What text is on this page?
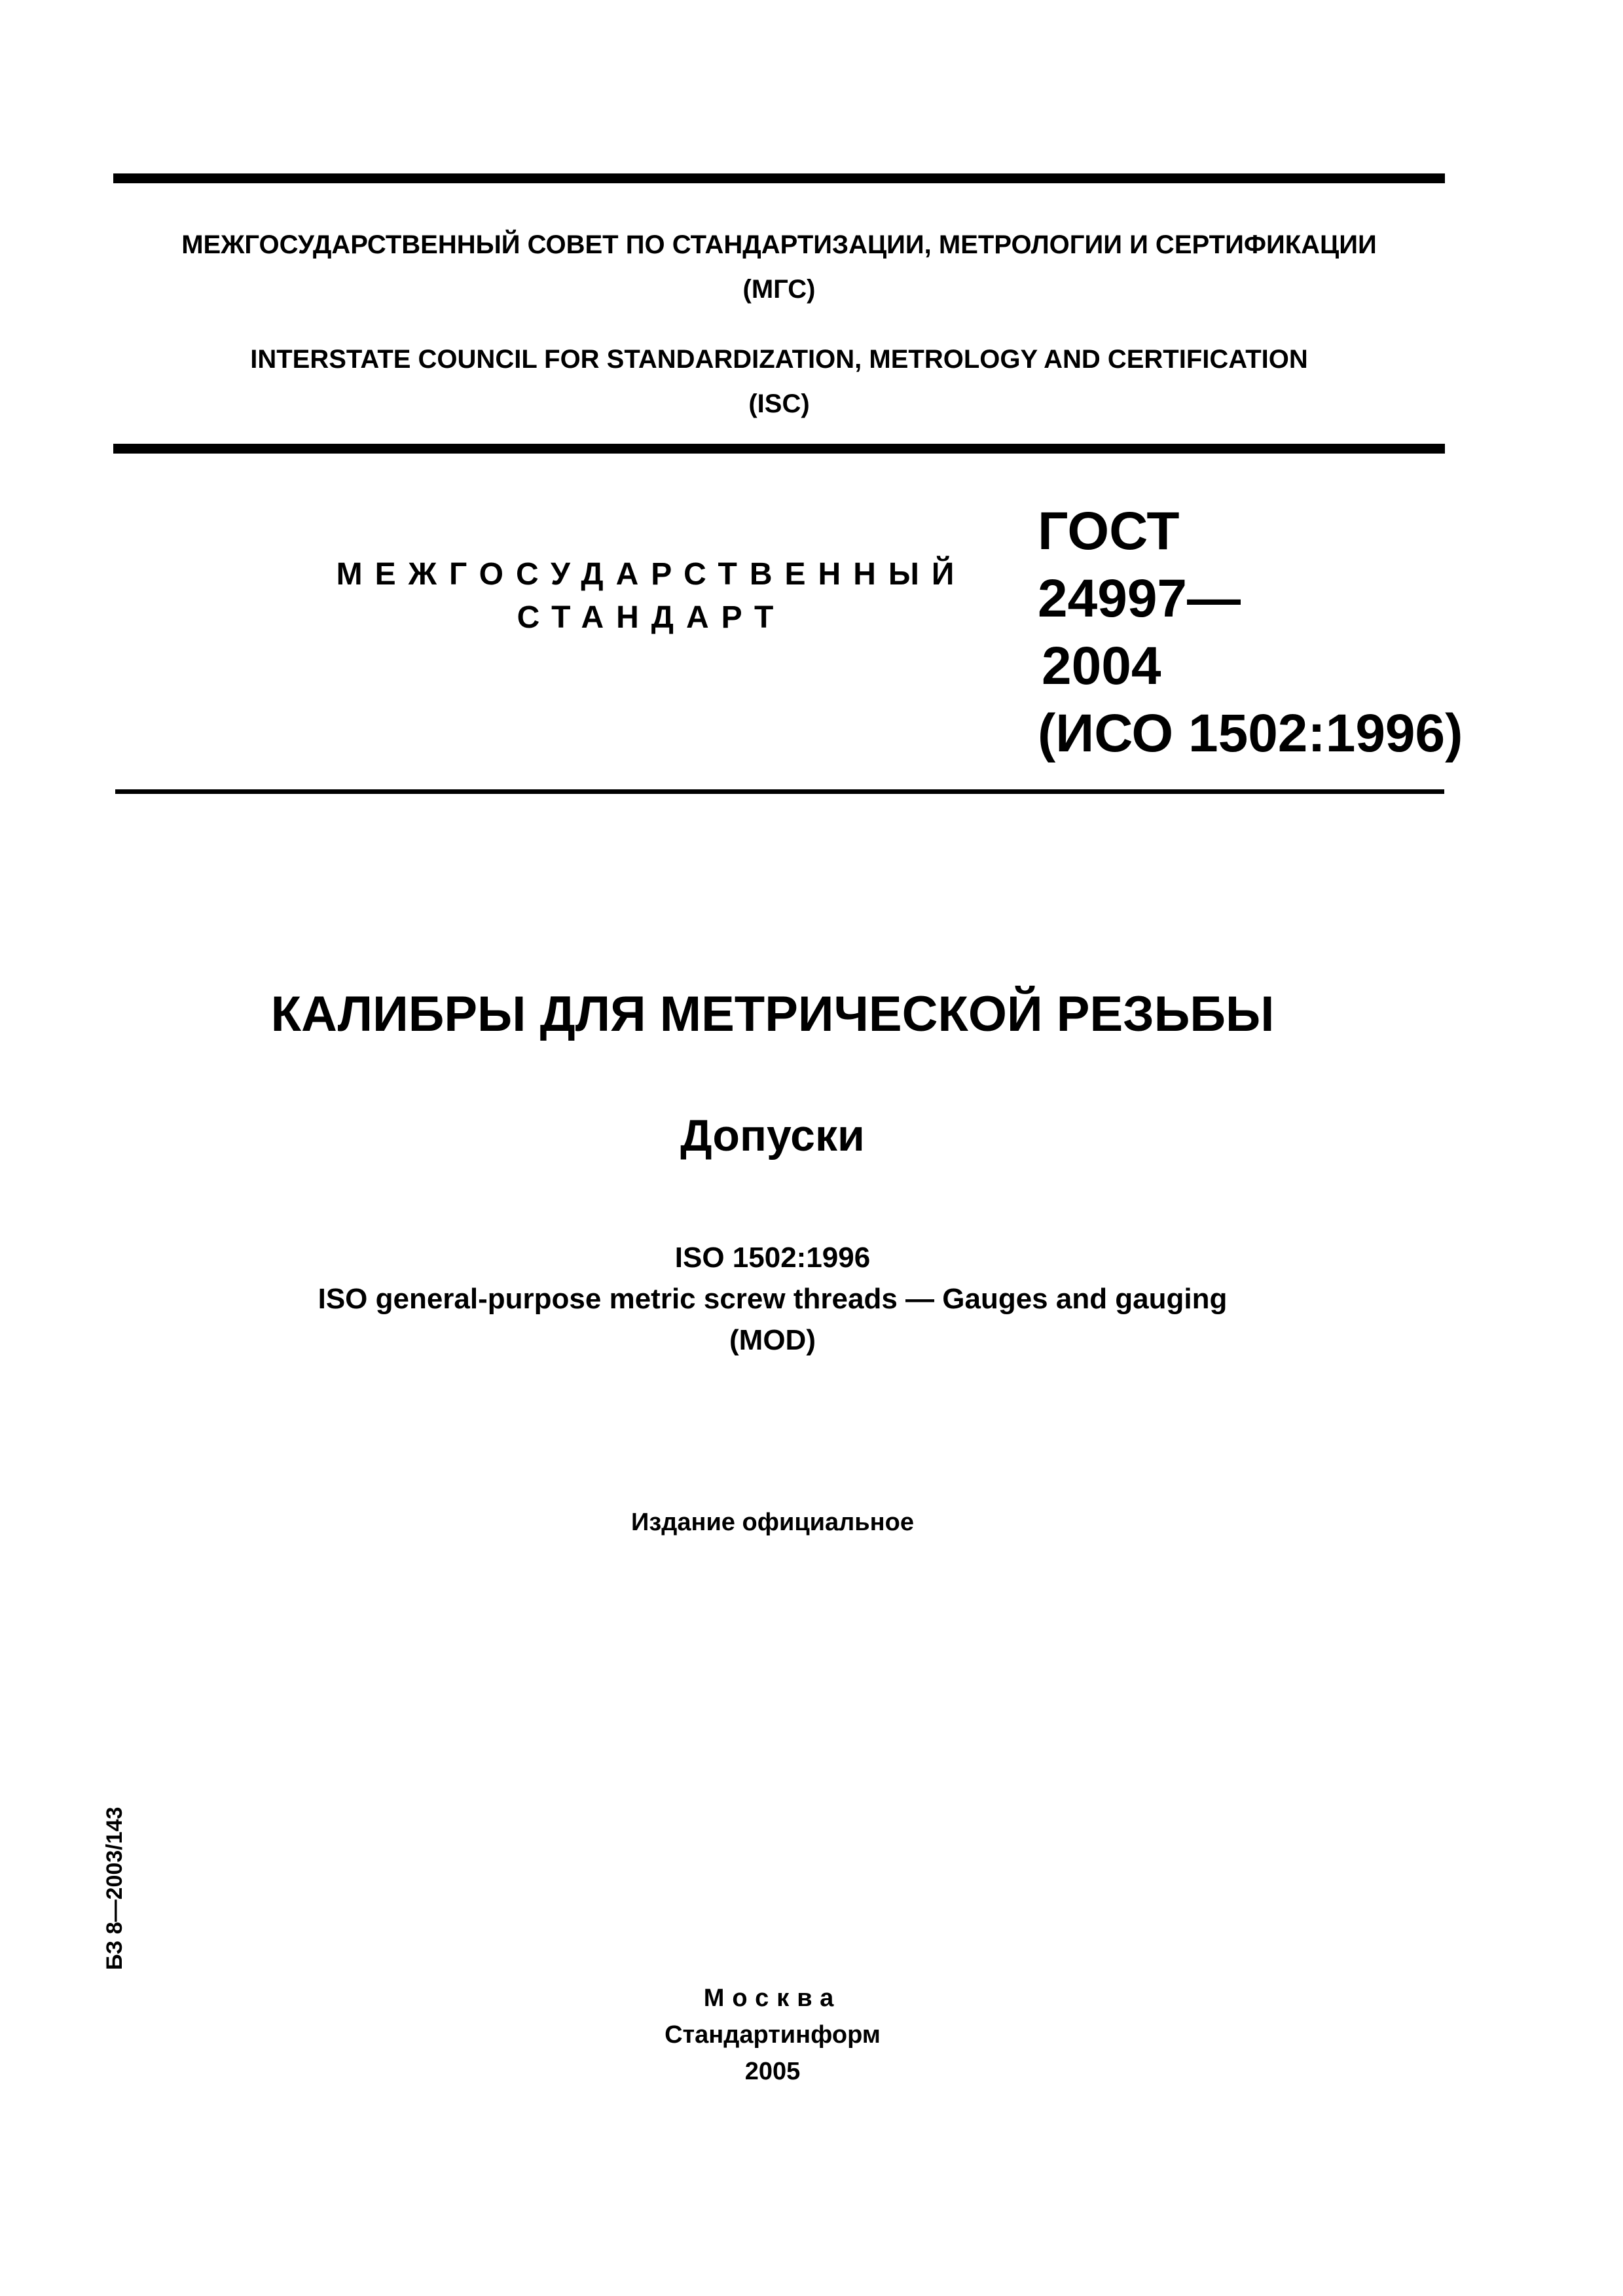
МЕЖГОСУДАРСТВЕННЫЙ СОВЕТ ПО СТАНДАРТИЗАЦИИ, МЕТРОЛОГИИ И СЕРТИФИКАЦИИ
(МГС)
INTERSTATE COUNCIL FOR STANDARDIZATION, METROLOGY AND CERTIFICATION
(ISC)
МЕЖГОСУДАРСТВЕННЫЙ
СТАНДАРТ
ГОСТ
24997—
2004
(ИСО 1502:1996)
КАЛИБРЫ ДЛЯ МЕТРИЧЕСКОЙ РЕЗЬБЫ
Допуски
ISO 1502:1996
ISO general-purpose metric screw threads — Gauges and gauging
(MOD)
Издание официальное
БЗ 8—2003/143
Москва
Стандартинформ
2005
